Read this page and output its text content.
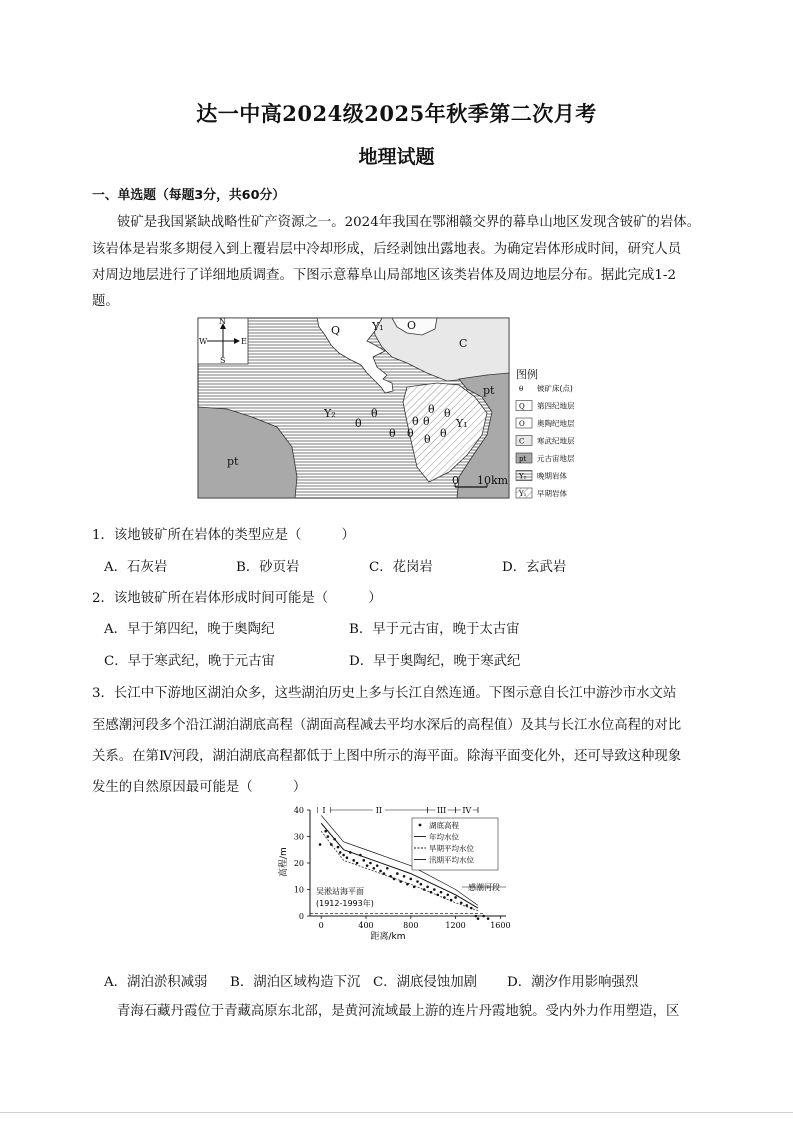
达一中高2024级2025年秋季第二次月考
地理试题
一、单选题（每题3分，共60分）
铍矿是我国紧缺战略性矿产资源之一。2024年我国在鄂湘赣交界的幕阜山地区发现含铍矿的岩体。
该岩体是岩浆多期侵入到上覆岩层中冷却形成，后经剥蚀出露地表。为确定岩体形成时间，研究人员
对周边地层进行了详细地质调查。下图示意幕阜山局部地区该类岩体及周边地层分布。据此完成1-2
题。
N
S
W	E
Q	Y₁ O
C
pt
pt
Y₂
Y₁
θ
θ
θ θ
θ θ
θ
θ
θ
θ
0 10km
图例
θ 铍矿床(点)
Q 第四纪地层
O 奥陶纪地层
C 寒武纪地层
pt 元古宙地层
Y₂ 晚期岩体
Y₁ 早期岩体
1．该地铍矿所在岩体的类型应是（　　　）
A．石灰岩	B．砂页岩	C．花岗岩	D．玄武岩
2．该地铍矿所在岩体形成时间可能是（　　　）
A．早于第四纪，晚于奥陶纪	B．早于元古宙，晚于太古宙
C．早于寒武纪，晚于元古宙	D．早于奥陶纪，晚于寒武纪
3．长江中下游地区湖泊众多，这些湖泊历史上多与长江自然连通。下图示意自长江中游沙市水文站
至感潮河段多个沿江湖泊湖底高程（湖面高程减去平均水深后的高程值）及其与长江水位高程的对比
关系。在第Ⅳ河段，湖泊湖底高程都低于上图中所示的海平面。除海平面变化外，还可导致这种现象
发生的自然原因最可能是（　　　）
0
10
20
30
40
0	400	800	1200	1600
距离/km
高程/m
I	II	III IV
湖底高程
年均水位
旱期平均水位
汛期平均水位
感潮河段
吴淞站海平面
(1912-1993年)
A．湖泊淤积减弱 B．湖泊区域构造下沉 C．湖底侵蚀加剧 D．潮汐作用影响强烈
青海石藏丹霞位于青藏高原东北部，是黄河流域最上游的连片丹霞地貌。受内外力作用塑造，区
